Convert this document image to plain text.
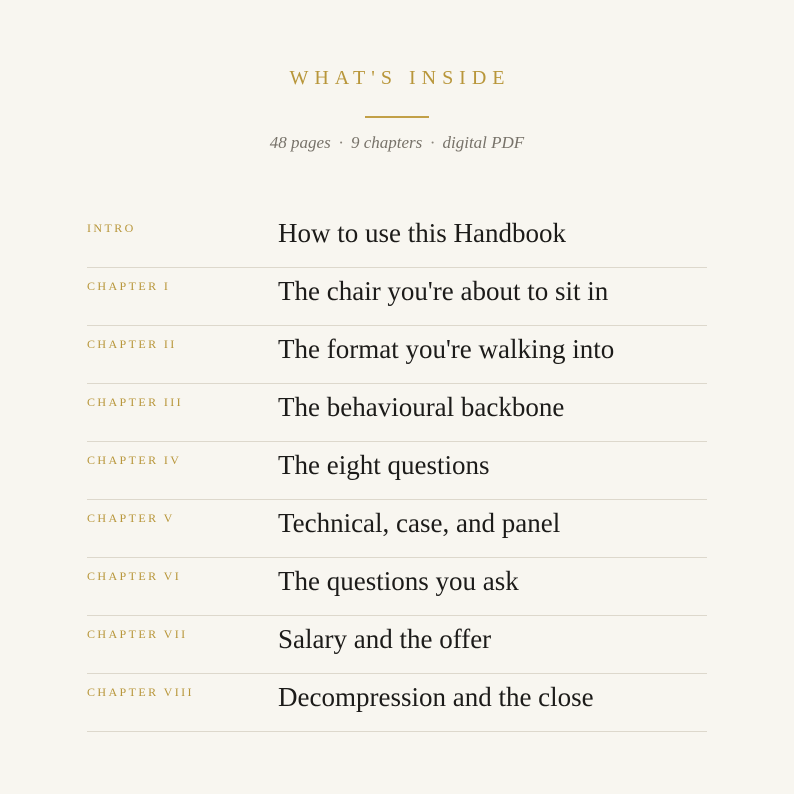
WHAT'S INSIDE
48 pages · 9 chapters · digital PDF
INTRO	How to use this Handbook
CHAPTER I	The chair you're about to sit in
CHAPTER II	The format you're walking into
CHAPTER III	The behavioural backbone
CHAPTER IV	The eight questions
CHAPTER V	Technical, case, and panel
CHAPTER VI	The questions you ask
CHAPTER VII	Salary and the offer
CHAPTER VIII	Decompression and the close
